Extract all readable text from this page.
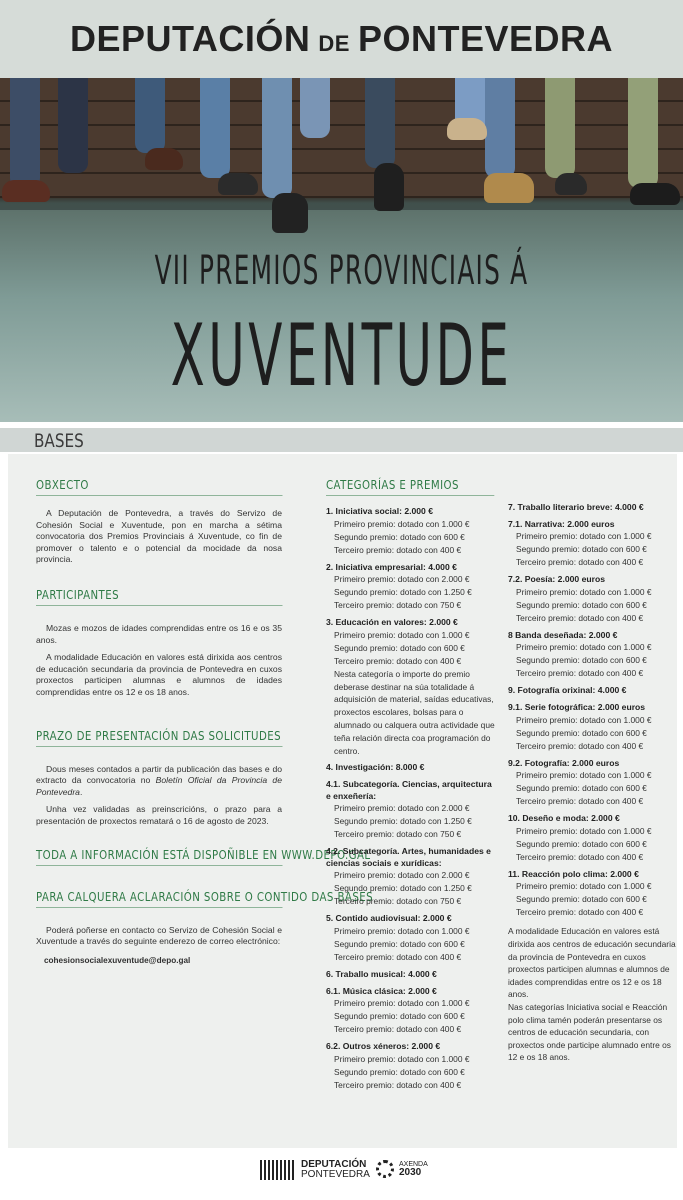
DEPUTACIÓN DE PONTEVEDRA
VII PREMIOS PROVINCIAIS Á
XUVENTUDE
BASES
OBXECTO

A Deputación de Pontevedra, a través do Servizo de Cohesión Social e Xuventude, pon en marcha a sétima convocatoria dos Premios Provinciais á Xuventude, co fin de promover o talento e o potencial da mocidade da nosa provincia.

PARTICIPANTES

Mozas e mozos de idades comprendidas entre os 16 e os 35 anos.

A modalidade Educación en valores está dirixida aos centros de educación secundaria da provincia de Pontevedra en cuxos proxectos participen alumnas e alumnos de idades comprendidas entre os 12 e os 18 anos.

PRAZO DE PRESENTACIÓN DAS SOLICITUDES

Dous meses contados a partir da publicación das bases e do extracto da convocatoria no Boletín Oficial da Provincia de Pontevedra.

Unha vez validadas as preinscricións, o prazo para a presentación de proxectos rematará o 16 de agosto de 2023.

TODA A INFORMACIÓN ESTÁ DISPOÑIBLE EN WWW.DEPO.GAL
PARA CALQUERA ACLARACIÓN SOBRE O CONTIDO DAS BASES

Poderá poñerse en contacto co Servizo de Cohesión Social e Xuventude a través do seguinte enderezo de correo electrónico:

cohesionsocialexuventude@depo.gal

CATEGORÍAS E PREMIOS

1. Iniciativa social: 2.000 €

Primeiro premio: dotado con 1.000 €

Segundo premio: dotado con 600 €

Terceiro premio: dotado con 400 €

2. Iniciativa empresarial: 4.000 €

Primeiro premio: dotado con 2.000 €

Segundo premio: dotado con 1.250 €

Terceiro premio: dotado con 750 €

3. Educación en valores: 2.000 €

Primeiro premio: dotado con 1.000 €

Segundo premio: dotado con 600 €

Terceiro premio: dotado con 400 €

Nesta categoría o importe do premio deberase destinar na súa totalidade á adquisición de material, saídas educativas, proxectos escolares, bolsas para o alumnado ou calquera outra actividade que teña relación directa coa programación do centro.

4. Investigación: 8.000 €

4.1. Subcategoría. Ciencias, arquitectura e enxeñería:

Primeiro premio: dotado con 2.000 €

Segundo premio: dotado con 1.250 €

Terceiro premio: dotado con 750 €

4.2. Subcategoría. Artes, humanidades e ciencias sociais e xurídicas:

Primeiro premio: dotado con 2.000 €

Segundo premio: dotado con 1.250 €

Terceiro premio: dotado con 750 €

5. Contido audiovisual: 2.000 €

Primeiro premio: dotado con 1.000 €

Segundo premio: dotado con 600 €

Terceiro premio: dotado con 400 €

6. Traballo musical: 4.000 €

6.1. Música clásica: 2.000 €

Primeiro premio: dotado con 1.000 €

Segundo premio: dotado con 600 €

Terceiro premio: dotado con 400 €

6.2. Outros xéneros: 2.000 €

Primeiro premio: dotado con 1.000 €

Segundo premio: dotado con 600 €

Terceiro premio: dotado con 400 €

7. Traballo literario breve: 4.000 €

7.1. Narrativa: 2.000 euros

Primeiro premio: dotado con 1.000 €

Segundo premio: dotado con 600 €

Terceiro premio: dotado con 400 €

7.2. Poesía: 2.000 euros

Primeiro premio: dotado con 1.000 €

Segundo premio: dotado con 600 €

Terceiro premio: dotado con 400 €

8 Banda deseñada: 2.000 €

Primeiro premio: dotado con 1.000 €

Segundo premio: dotado con 600 €

Terceiro premio: dotado con 400 €

9. Fotografía orixinal: 4.000 €

9.1. Serie fotográfica: 2.000 euros

Primeiro premio: dotado con 1.000 €

Segundo premio: dotado con 600 €

Terceiro premio: dotado con 400 €

9.2. Fotografía: 2.000 euros

Primeiro premio: dotado con 1.000 €

Segundo premio: dotado con 600 €

Terceiro premio: dotado con 400 €

10. Deseño e moda: 2.000 €

Primeiro premio: dotado con 1.000 €

Segundo premio: dotado con 600 €

Terceiro premio: dotado con 400 €

11. Reacción polo clima: 2.000 €

Primeiro premio: dotado con 1.000 €

Segundo premio: dotado con 600 €

Terceiro premio: dotado con 400 €

A modalidade Educación en valores está dirixida aos centros de educación secundaria da provincia de Pontevedra en cuxos proxectos participen alumnas e alumnos de idades comprendidas entre os 12 e os 18 anos.

Nas categorías Iniciativa social e Reacción polo clima tamén poderán presentarse os centros de educación secundaria, con proxectos onde participe alumnado entre os 12 e os 18 anos.

DEPUTACIÓN
PONTEVEDRA
AXENDA
2030
